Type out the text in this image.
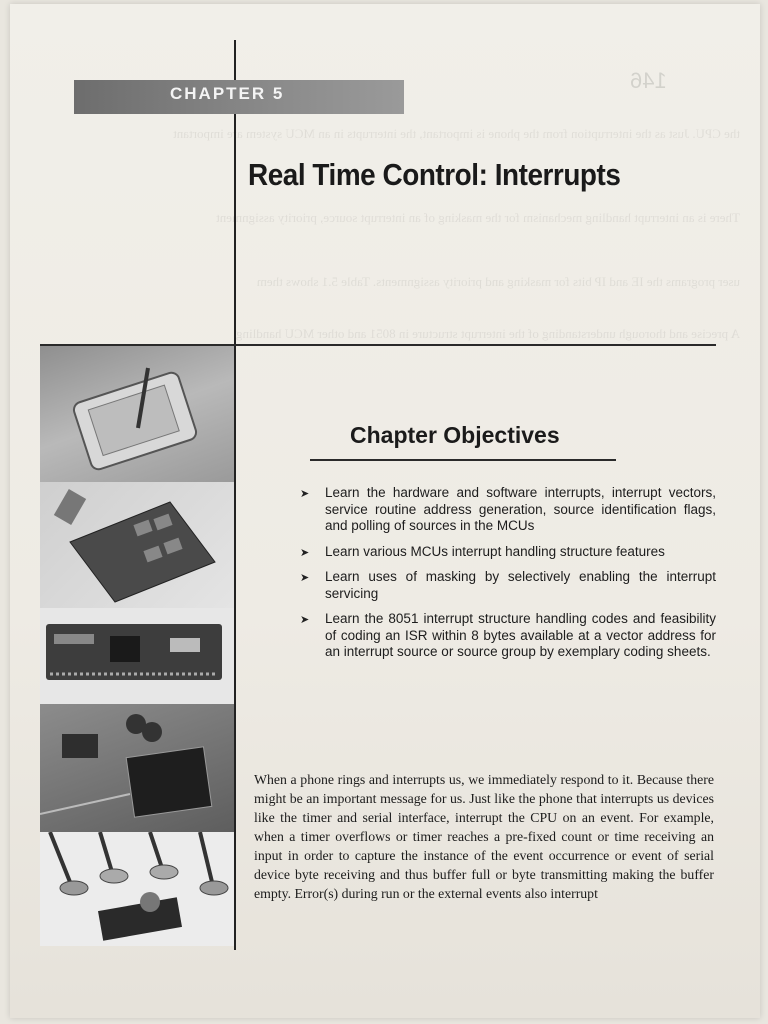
the CPU. Just as the interruption from the phone is important, the interrupts in an MCU system are important
There is an interrupt handling mechanism for the masking of an interrupt source, priority assignment
user programs the IE and IP bits for masking and priority assignments. Table 5.1 shows them
A precise and thorough understanding of the interrupt structure in 8051 and other MCU handling
146
CHAPTER 5
Real Time Control: Interrupts
Chapter Objectives
➤ Learn the hardware and software interrupts, interrupt vectors, service routine address generation, source identification flags, and polling of sources in the MCUs
➤ Learn various MCUs interrupt handling structure features
➤ Learn uses of masking by selectively enabling the interrupt servicing
➤ Learn the 8051 interrupt structure handling codes and feasibility of coding an ISR within 8 bytes available at a vector address for an interrupt source or source group by exemplary coding sheets.

When a phone rings and interrupts us, we immediately respond to it. Because there might be an important message for us. Just like the phone that interrupts us devices like the timer and serial interface, interrupt the CPU on an event. For example, when a timer overflows or timer reaches a pre-fixed count or time receiving an input in order to capture the instance of the event occurrence or event of serial device byte receiving and thus buffer full or byte transmitting making the buffer empty. Error(s) during run or the external events also interrupt
